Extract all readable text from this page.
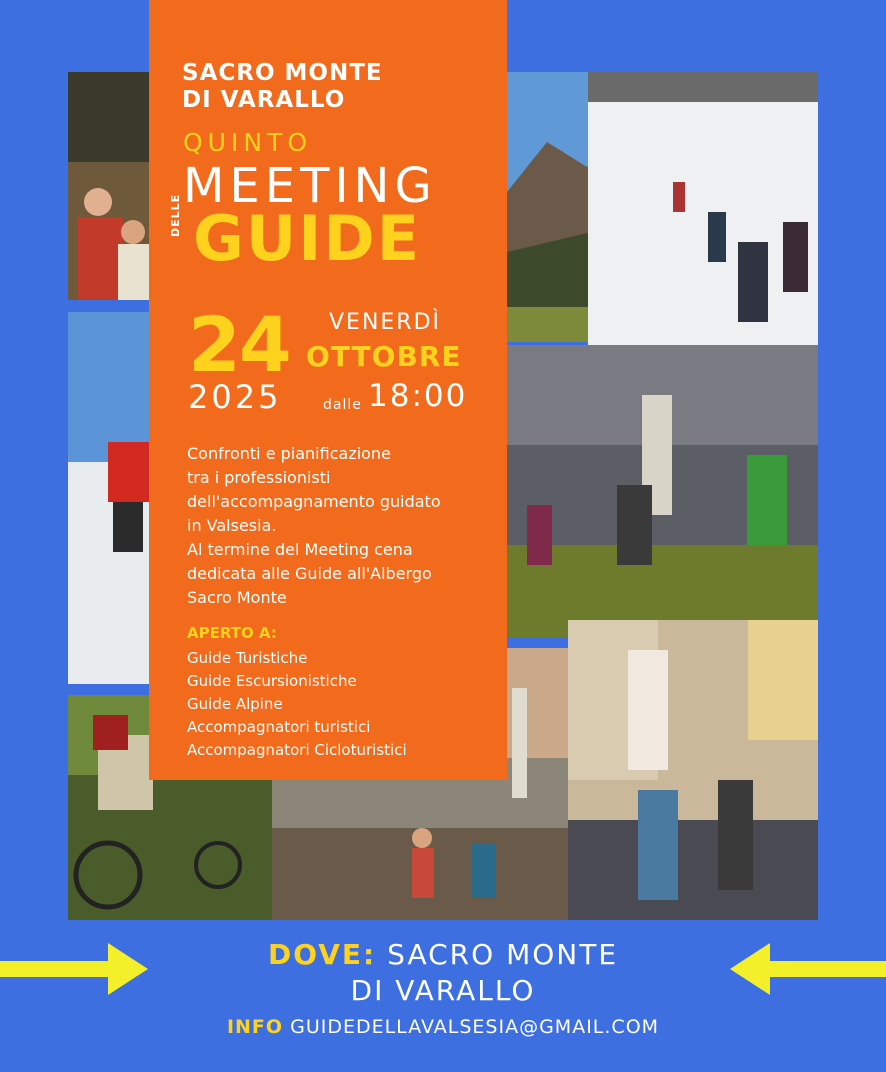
SACRO MONTE
DI VARALLO
QUINTO
MEETING
DELLE GUIDE
24 VENERDÌ
OTTOBRE
2025	dalle 18:00
Confronti e pianificazione
tra i professionisti
dell'accompagnamento guidato
in Valsesia.
Al termine del Meeting cena
dedicata alle Guide all'Albergo
Sacro Monte
APERTO A:
Guide Turistiche
Guide Escursionistiche
Guide Alpine
Accompagnatori turistici
Accompagnatori Cicloturistici
DOVE: SACRO MONTE
DI VARALLO
INFO GUIDEDELLAVALSESIA@GMAIL.COM
